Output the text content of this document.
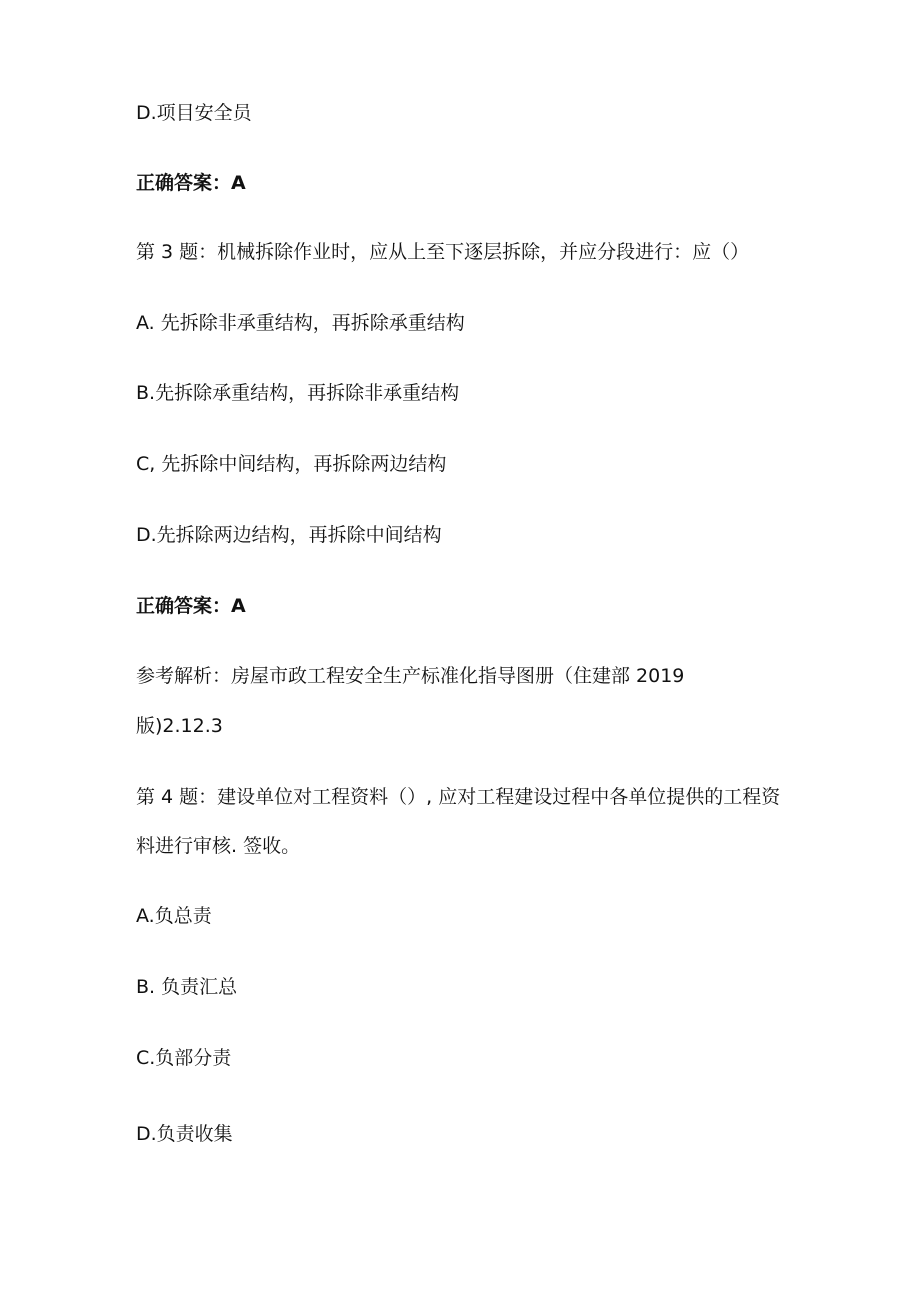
D.项目安全员
正确答案：A
第 3 题：机械拆除作业时，应从上至下逐层拆除，并应分段进行：应（）
A. 先拆除非承重结构，再拆除承重结构
B.先拆除承重结构，再拆除非承重结构
C, 先拆除中间结构，再拆除两边结构
D.先拆除两边结构，再拆除中间结构
正确答案：A
参考解析：房屋市政工程安全生产标准化指导图册（住建部 2019
版)2.12.3
第 4 题：建设单位对工程资料（）, 应对工程建设过程中各单位提供的工程资
料进行审核. 签收。
A.负总责
B. 负责汇总
C.负部分责
D.负责收集
